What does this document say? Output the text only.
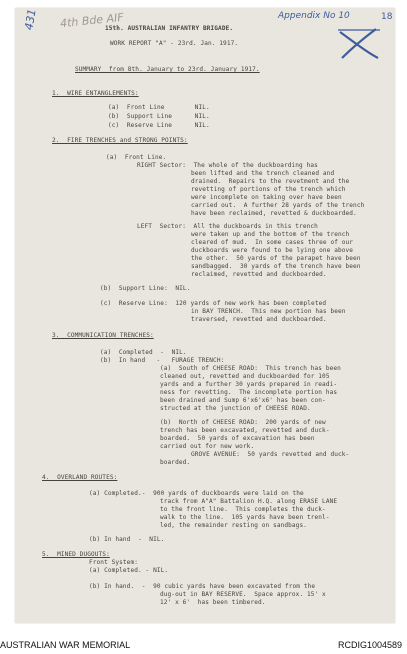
431	18
Appendix No 10
4th Bde AIF
15th. AUSTRALIAN INFANTRY BRIGADE.
WORK REPORT "A" - 23rd. Jan. 1917.
SUMMARY  from 8th. January to 23rd. January 1917.
1.  WIRE ENTANGLEMENTS:
(a)  Front Line        NIL.
(b)  Support Line      NIL.
(c)  Reserve Line      NIL.
2.  FIRE TRENCHES and STRONG POINTS:
(a)  Front Line.
RIGHT Sector:  The whole of the duckboarding has
been lifted and the trench cleaned and
drained.  Repairs to the revetment and the
revetting of portions of the trench which
were incomplete on taking over have been
carried out.  A further 28 yards of the trench
have been reclaimed, revetted & duckboarded.
LEFT  Sector:  All the duckboards in this trench
were taken up and the bottom of the trench
cleared of mud.  In some cases three of our
duckboards were found to be lying one above
the other.  50 yards of the parapet have been
sandbagged.  30 yards of the trench have been
reclaimed, revetted and duckboarded.
(b)  Support Line:  NIL.
(c)  Reserve Line:  120 yards of new work has been completed
in BAY TRENCH.  This new portion has been
traversed, revetted and duckboarded.
3.  COMMUNICATION TRENCHES:
(a)  Completed  -  NIL.
(b)  In hand   -   FURAGE TRENCH:
(a)  South of CHEESE ROAD:  This trench has been
cleaned out, revetted and duckboarded for 105
yards and a further 30 yards prepared in readi-
ness for revetting.  The incomplete portion has
been drained and Sump 6'x6'x6' has been con-
structed at the junction of CHEESE ROAD.
(b)  North of CHEESE ROAD:  200 yards of new
trench has been excavated, revetted and duck-
boarded.  50 yards of excavation has been
carried out for new work.
GROVE AVENUE:  50 yards revetted and duck-
boarded.
4.  OVERLAND ROUTES:
(a) Completed.-  900 yards of duckboards were laid on the
track from A"A" Battalion H.Q. along ERASE LANE
to the front line.  This completes the duck-
walk to the line.  105 yards have been trenl-
led, the remainder resting on sandbags.
(b) In hand  -  NIL.
5.  MINED DUGOUTS:
Front System:
(a) Completed. - NIL.
(b) In hand.  -  90 cubic yards have been excavated from the
dug-out in BAY RESERVE.  Space approx. 15' x
12' x 6'  has been timbered.
AUSTRALIAN WAR MEMORIAL	RCDIG1004589
